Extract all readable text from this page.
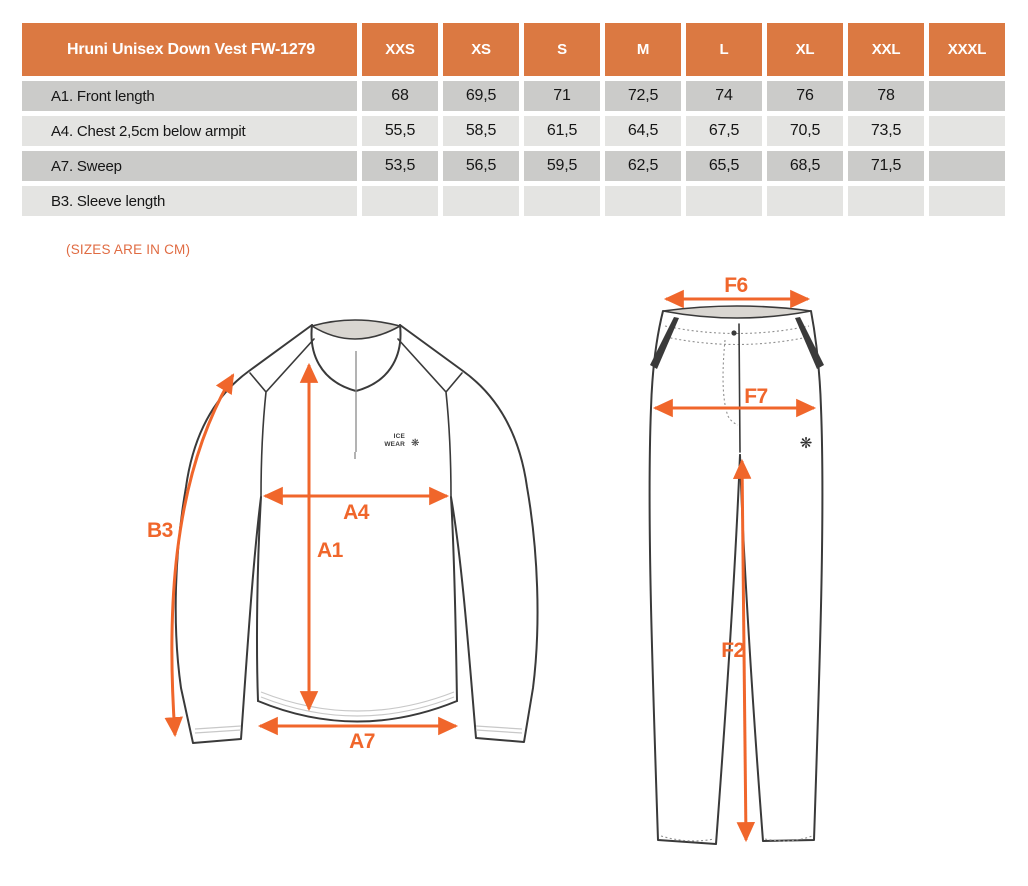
Hruni Unisex Down Vest FW-1279	XXS	XS	S	M	L	XL	XXL	XXXL
A1. Front length	68	69,5	71	72,5	74	76	78
A4. Chest 2,5cm below armpit	55,5	58,5	61,5	64,5	67,5	70,5	73,5
A7. Sweep	53,5	56,5	59,5	62,5	65,5	68,5	71,5
B3. Sleeve length
(SIZES ARE IN CM)
ICE
WEAR ❋
B3
A4
A1
A7
❋
F6
F7
F2
